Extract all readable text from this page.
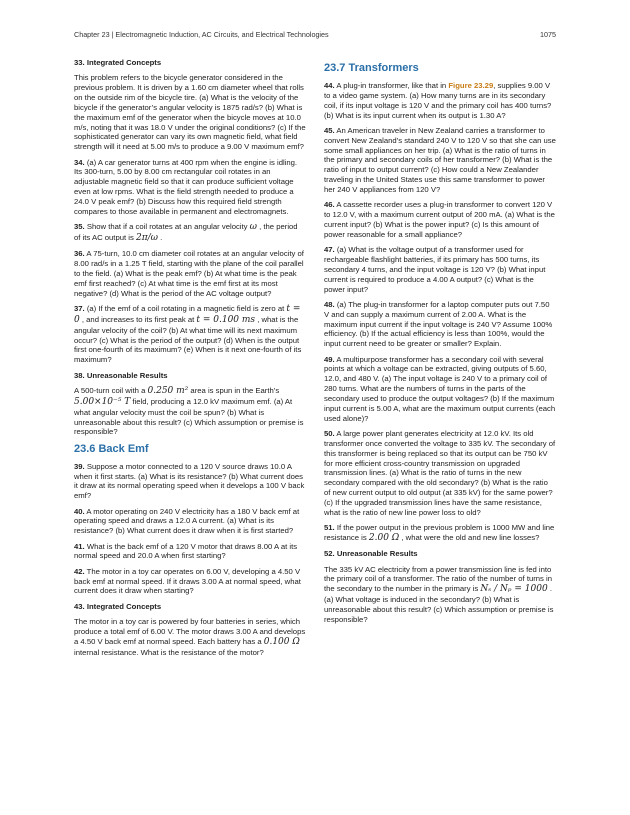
Chapter 23 | Electromagnetic Induction, AC Circuits, and Electrical Technologies	1075

33. Integrated Concepts

This problem refers to the bicycle generator considered in the previous problem. It is driven by a 1.60 cm diameter wheel that rolls on the outside rim of the bicycle tire. (a) What is the velocity of the bicycle if the generator’s angular velocity is 1875 rad/s? (b) What is the maximum emf of the generator when the bicycle moves at 10.0 m/s, noting that it was 18.0 V under the original conditions? (c) If the sophisticated generator can vary its own magnetic field, what field strength will it need at 5.00 m/s to produce a 9.00 V maximum emf?

34. (a) A car generator turns at 400 rpm when the engine is idling. Its 300-turn, 5.00 by 8.00 cm rectangular coil rotates in an adjustable magnetic field so that it can produce sufficient voltage even at low rpms. What is the field strength needed to produce a 24.0 V peak emf? (b) Discuss how this required field strength compares to those available in permanent and electromagnets.

35. Show that if a coil rotates at an angular velocity ω , the period of its AC output is 2π/ω .

36. A 75-turn, 10.0 cm diameter coil rotates at an angular velocity of 8.00 rad/s in a 1.25 T field, starting with the plane of the coil parallel to the field. (a) What is the peak emf? (b) At what time is the peak emf first reached? (c) At what time is the emf first at its most negative? (d) What is the period of the AC voltage output?

37. (a) If the emf of a coil rotating in a magnetic field is zero at t = 0 , and increases to its first peak at t = 0.100 ms , what is the angular velocity of the coil? (b) At what time will its next maximum occur? (c) What is the period of the output? (d) When is the output first one-fourth of its maximum? (e) When is it next one-fourth of its maximum?

38. Unreasonable Results

A 500-turn coil with a 0.250 m² area is spun in the Earth’s 5.00×10⁻⁵ T field, producing a 12.0 kV maximum emf. (a) At what angular velocity must the coil be spun? (b) What is unreasonable about this result? (c) Which assumption or premise is responsible?

23.6 Back Emf

39. Suppose a motor connected to a 120 V source draws 10.0 A when it first starts. (a) What is its resistance? (b) What current does it draw at its normal operating speed when it develops a 100 V back emf?

40. A motor operating on 240 V electricity has a 180 V back emf at operating speed and draws a 12.0 A current. (a) What is its resistance? (b) What current does it draw when it is first started?

41. What is the back emf of a 120 V motor that draws 8.00 A at its normal speed and 20.0 A when first starting?

42. The motor in a toy car operates on 6.00 V, developing a 4.50 V back emf at normal speed. If it draws 3.00 A at normal speed, what current does it draw when starting?

43. Integrated Concepts

The motor in a toy car is powered by four batteries in series, which produce a total emf of 6.00 V. The motor draws 3.00 A and develops a 4.50 V back emf at normal speed. Each battery has a 0.100 Ω internal resistance. What is the resistance of the motor?

23.7 Transformers

44. A plug-in transformer, like that in Figure 23.29, supplies 9.00 V to a video game system. (a) How many turns are in its secondary coil, if its input voltage is 120 V and the primary coil has 400 turns? (b) What is its input current when its output is 1.30 A?

45. An American traveler in New Zealand carries a transformer to convert New Zealand’s standard 240 V to 120 V so that she can use some small appliances on her trip. (a) What is the ratio of turns in the primary and secondary coils of her transformer? (b) What is the ratio of input to output current? (c) How could a New Zealander traveling in the United States use this same transformer to power her 240 V appliances from 120 V?

46. A cassette recorder uses a plug-in transformer to convert 120 V to 12.0 V, with a maximum current output of 200 mA. (a) What is the current input? (b) What is the power input? (c) Is this amount of power reasonable for a small appliance?

47. (a) What is the voltage output of a transformer used for rechargeable flashlight batteries, if its primary has 500 turns, its secondary 4 turns, and the input voltage is 120 V? (b) What input current is required to produce a 4.00 A output? (c) What is the power input?

48. (a) The plug-in transformer for a laptop computer puts out 7.50 V and can supply a maximum current of 2.00 A. What is the maximum input current if the input voltage is 240 V? Assume 100% efficiency. (b) If the actual efficiency is less than 100%, would the input current need to be greater or smaller? Explain.

49. A multipurpose transformer has a secondary coil with several points at which a voltage can be extracted, giving outputs of 5.60, 12.0, and 480 V. (a) The input voltage is 240 V to a primary coil of 280 turns. What are the numbers of turns in the parts of the secondary used to produce the output voltages? (b) If the maximum input current is 5.00 A, what are the maximum output currents (each used alone)?

50. A large power plant generates electricity at 12.0 kV. Its old transformer once converted the voltage to 335 kV. The secondary of this transformer is being replaced so that its output can be 750 kV for more efficient cross-country transmission on upgraded transmission lines. (a) What is the ratio of turns in the new secondary compared with the old secondary? (b) What is the ratio of new current output to old output (at 335 kV) for the same power? (c) If the upgraded transmission lines have the same resistance, what is the ratio of new line power loss to old?

51. If the power output in the previous problem is 1000 MW and line resistance is 2.00 Ω , what were the old and new line losses?

52. Unreasonable Results

The 335 kV AC electricity from a power transmission line is fed into the primary coil of a transformer. The ratio of the number of turns in the secondary to the number in the primary is Nₛ / Nₚ = 1000 . (a) What voltage is induced in the secondary? (b) What is unreasonable about this result? (c) Which assumption or premise is responsible?
